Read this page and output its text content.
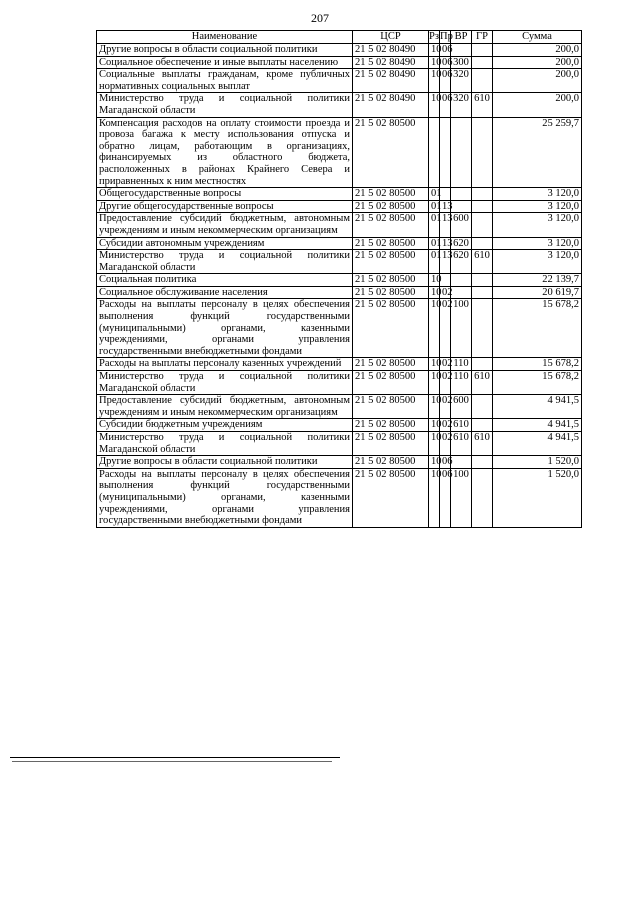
207
Наименование	ЦСР	Рз	Пр	ВР	ГР	Сумма
Другие вопросы в области социальной политики	21 5 02 80490	10	06			200,0
Социальное обеспечение и иные выплаты населению	21 5 02 80490	10	06	300		200,0
Социальные выплаты гражданам, кроме публичных нормативных социальных выплат	21 5 02 80490	10	06	320		200,0
Министерство труда и социальной политики Магаданской области	21 5 02 80490	10	06	320	610	200,0
Компенсация расходов на оплату стоимости проезда и провоза багажа к месту использования отпуска и обратно лицам, работающим в организациях, финансируемых из областного бюджета, расположенных в районах Крайнего Севера и приравненных к ним местностях	21 5 02 80500					25 259,7
Общегосударственные вопросы	21 5 02 80500	01				3 120,0
Другие общегосударственные вопросы	21 5 02 80500	01	13			3 120,0
Предоставление субсидий бюджетным, автономным учреждениям и иным некоммерческим организациям	21 5 02 80500	01	13	600		3 120,0
Субсидии автономным учреждениям	21 5 02 80500	01	13	620		3 120,0
Министерство труда и социальной политики Магаданской области	21 5 02 80500	01	13	620	610	3 120,0
Социальная политика	21 5 02 80500	10				22 139,7
Социальное обслуживание населения	21 5 02 80500	10	02			20 619,7
Расходы на выплаты персоналу в целях обеспечения выполнения функций государственными (муниципальными) органами, казенными учреждениями, органами управления государственными внебюджетными фондами	21 5 02 80500	10	02	100		15 678,2
Расходы на выплаты персоналу казенных учреждений	21 5 02 80500	10	02	110		15 678,2
Министерство труда и социальной политики Магаданской области	21 5 02 80500	10	02	110	610	15 678,2
Предоставление субсидий бюджетным, автономным учреждениям и иным некоммерческим организациям	21 5 02 80500	10	02	600		4 941,5
Субсидии бюджетным учреждениям	21 5 02 80500	10	02	610		4 941,5
Министерство труда и социальной политики Магаданской области	21 5 02 80500	10	02	610	610	4 941,5
Другие вопросы в области социальной политики	21 5 02 80500	10	06			1 520,0
Расходы на выплаты персоналу в целях обеспечения выполнения функций государственными (муниципальными) органами, казенными учреждениями, органами управления государственными внебюджетными фондами	21 5 02 80500	10	06	100		1 520,0
